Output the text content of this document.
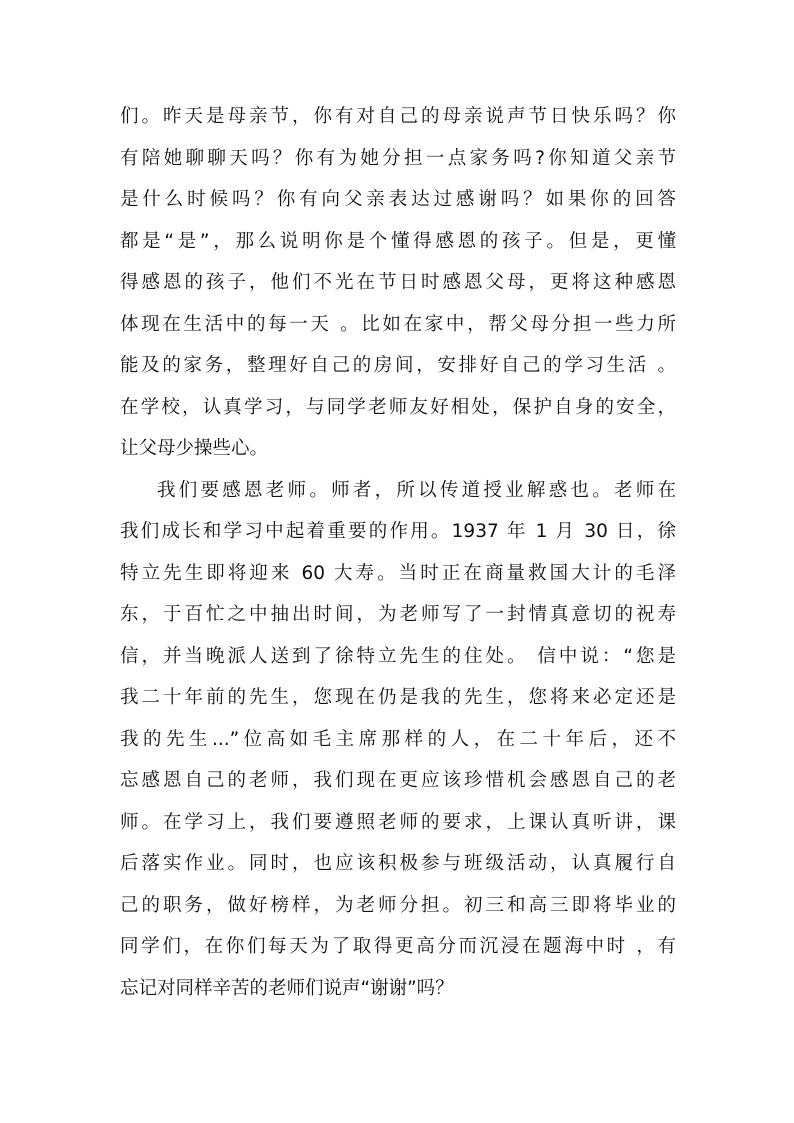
们。昨天是母亲节，你有对自己的母亲说声节日快乐吗？你
有陪她聊聊天吗？你有为她分担一点家务吗?你知道父亲节
是什么时候吗？你有向父亲表达过感谢吗？如果你的回答
都是“是”，那么说明你是个懂得感恩的孩子。但是，更懂
得感恩的孩子，他们不光在节日时感恩父母，更将这种感恩
体现在生活中的每一天 。比如在家中，帮父母分担一些力所
能及的家务，整理好自己的房间，安排好自己的学习生活 。
在学校，认真学习，与同学老师友好相处，保护自身的安全，
让父母少操些心。
我们要感恩老师。师者，所以传道授业解惑也。老师在
我们成长和学习中起着重要的作用。1937 年 1 月 30 日，徐
特立先生即将迎来 60 大寿。当时正在商量救国大计的毛泽
东，于百忙之中抽出时间，为老师写了一封情真意切的祝寿
信，并当晚派人送到了徐特立先生的住处。 信中说：“您是
我二十年前的先生，您现在仍是我的先生，您将来必定还是
我的先生...”位高如毛主席那样的人，在二十年后，还不
忘感恩自己的老师，我们现在更应该珍惜机会感恩自己的老
师。在学习上，我们要遵照老师的要求，上课认真听讲，课
后落实作业。同时，也应该积极参与班级活动，认真履行自
己的职务，做好榜样，为老师分担。初三和高三即将毕业的
同学们，在你们每天为了取得更高分而沉浸在题海中时 ，有
忘记对同样辛苦的老师们说声“谢谢”吗？
